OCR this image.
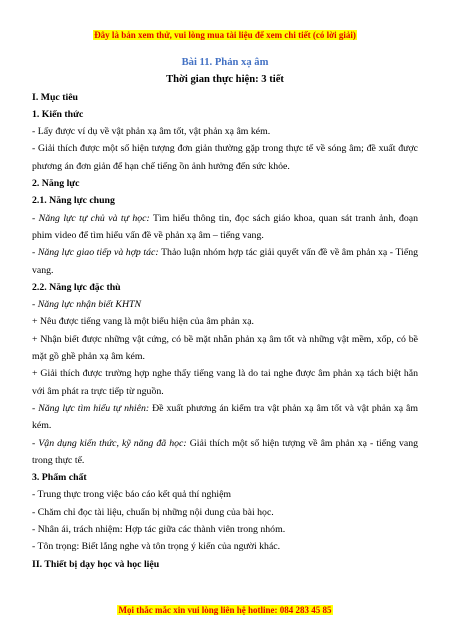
Đây là bản xem thử, vui lòng mua tài liệu để xem chi tiết (có lời giải)
Bài 11. Phản xạ âm
Thời gian thực hiện: 3 tiết
I. Mục tiêu
1. Kiến thức
- Lấy được ví dụ về vật phản xạ âm tốt, vật phản xạ âm kém.
- Giải thích được một số hiện tượng đơn giản thường gặp trong thực tế về sóng âm; đề xuất được phương án đơn giản để hạn chế tiếng ồn ảnh hưởng đến sức khỏe.
2. Năng lực
2.1. Năng lực chung
- Năng lực tự chủ và tự học: Tìm hiểu thông tin, đọc sách giáo khoa, quan sát tranh ảnh, đoạn phim video để tìm hiểu vấn đề về phản xạ âm – tiếng vang.
- Năng lực giao tiếp và hợp tác: Thảo luận nhóm hợp tác giải quyết vấn đề về âm phản xạ - Tiếng vang.
2.2. Năng lực đặc thù
- Năng lực nhận biết KHTN
+ Nêu được tiếng vang là một biểu hiện của âm phản xạ.
+ Nhận biết được những vật cứng, có bề mặt nhẵn phản xạ âm tốt và những vật mềm, xốp, có bề mặt gồ ghề phản xạ âm kém.
+ Giải thích được trường hợp nghe thấy tiếng vang là do tai nghe được âm phản xạ tách biệt hẳn với âm phát ra trực tiếp từ nguồn.
- Năng lực tìm hiểu tự nhiên: Đề xuất phương án kiểm tra vật phản xạ âm tốt và vật phản xạ âm kém.
- Vận dụng kiến thức, kỹ năng đã học: Giải thích một số hiện tượng về âm phản xạ - tiếng vang trong thực tế.
3. Phẩm chất
- Trung thực trong việc báo cáo kết quả thí nghiệm
- Chăm chỉ đọc tài liệu, chuẩn bị những nội dung của bài học.
- Nhân ái, trách nhiệm: Hợp tác giữa các thành viên trong nhóm.
- Tôn trọng: Biết lắng nghe và tôn trọng ý kiến của người khác.
II. Thiết bị dạy học và học liệu
Mọi thắc mắc xin vui lòng liên hệ hotline: 084 283 45 85
